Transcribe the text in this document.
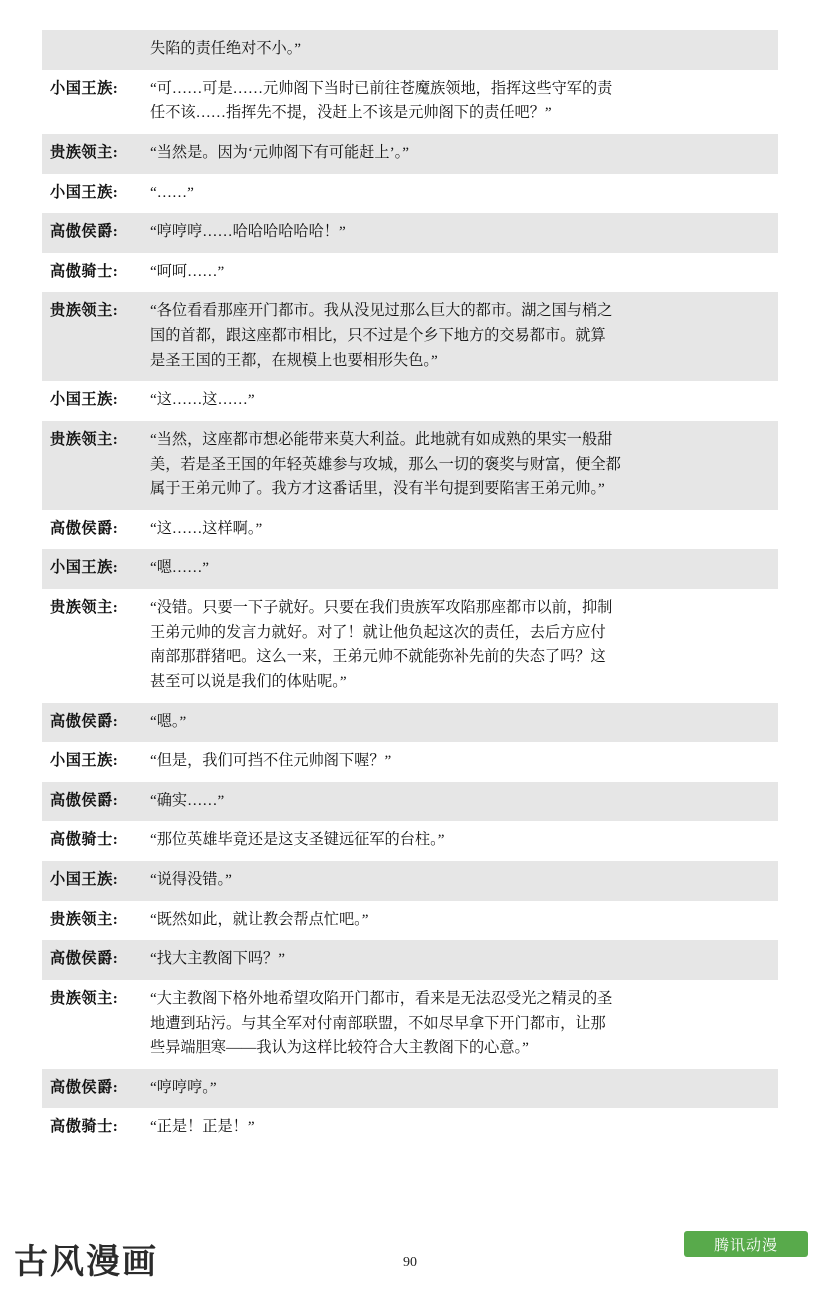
	失陷的责任绝对不小。”

小国王族:	“可……可是……元帅阁下当时已前往苍魔族领地，指挥这些守军的责
任不该……指挥先不提，没赶上不该是元帅阁下的责任吧？”

贵族领主:	“当然是。因为‘元帅阁下有可能赶上’。”

小国王族:	“……”

高傲侯爵:	“哼哼哼……哈哈哈哈哈哈！”

高傲骑士:	“呵呵……”

贵族领主:	“各位看看那座开门都市。我从没见过那么巨大的都市。湖之国与梢之
国的首都，跟这座都市相比，只不过是个乡下地方的交易都市。就算
是圣王国的王都，在规模上也要相形失色。”

小国王族:	“这……这……”

贵族领主:	“当然，这座都市想必能带来莫大利益。此地就有如成熟的果实一般甜
美，若是圣王国的年轻英雄参与攻城，那么一切的褒奖与财富，便全都
属于王弟元帅了。我方才这番话里，没有半句提到要陷害王弟元帅。”

高傲侯爵:	“这……这样啊。”

小国王族:	“嗯……”

贵族领主:	“没错。只要一下子就好。只要在我们贵族军攻陷那座都市以前，抑制
王弟元帅的发言力就好。对了！就让他负起这次的责任，去后方应付
南部那群猪吧。这么一来，王弟元帅不就能弥补先前的失态了吗？这
甚至可以说是我们的体贴呢。”

高傲侯爵:	“嗯。”

小国王族:	“但是，我们可挡不住元帅阁下喔？”

高傲侯爵:	“确实……”

高傲骑士:	“那位英雄毕竟还是这支圣键远征军的台柱。”

小国王族:	“说得没错。”

贵族领主:	“既然如此，就让教会帮点忙吧。”

高傲侯爵:	“找大主教阁下吗？”

贵族领主:	“大主教阁下格外地希望攻陷开门都市，看来是无法忍受光之精灵的圣
地遭到玷污。与其全军对付南部联盟，不如尽早拿下开门都市，让那
些异端胆寒——我认为这样比较符合大主教阁下的心意。”

高傲侯爵:	“哼哼哼。”

高傲骑士:	“正是！正是！”
90
古风漫画	腾讯动漫
